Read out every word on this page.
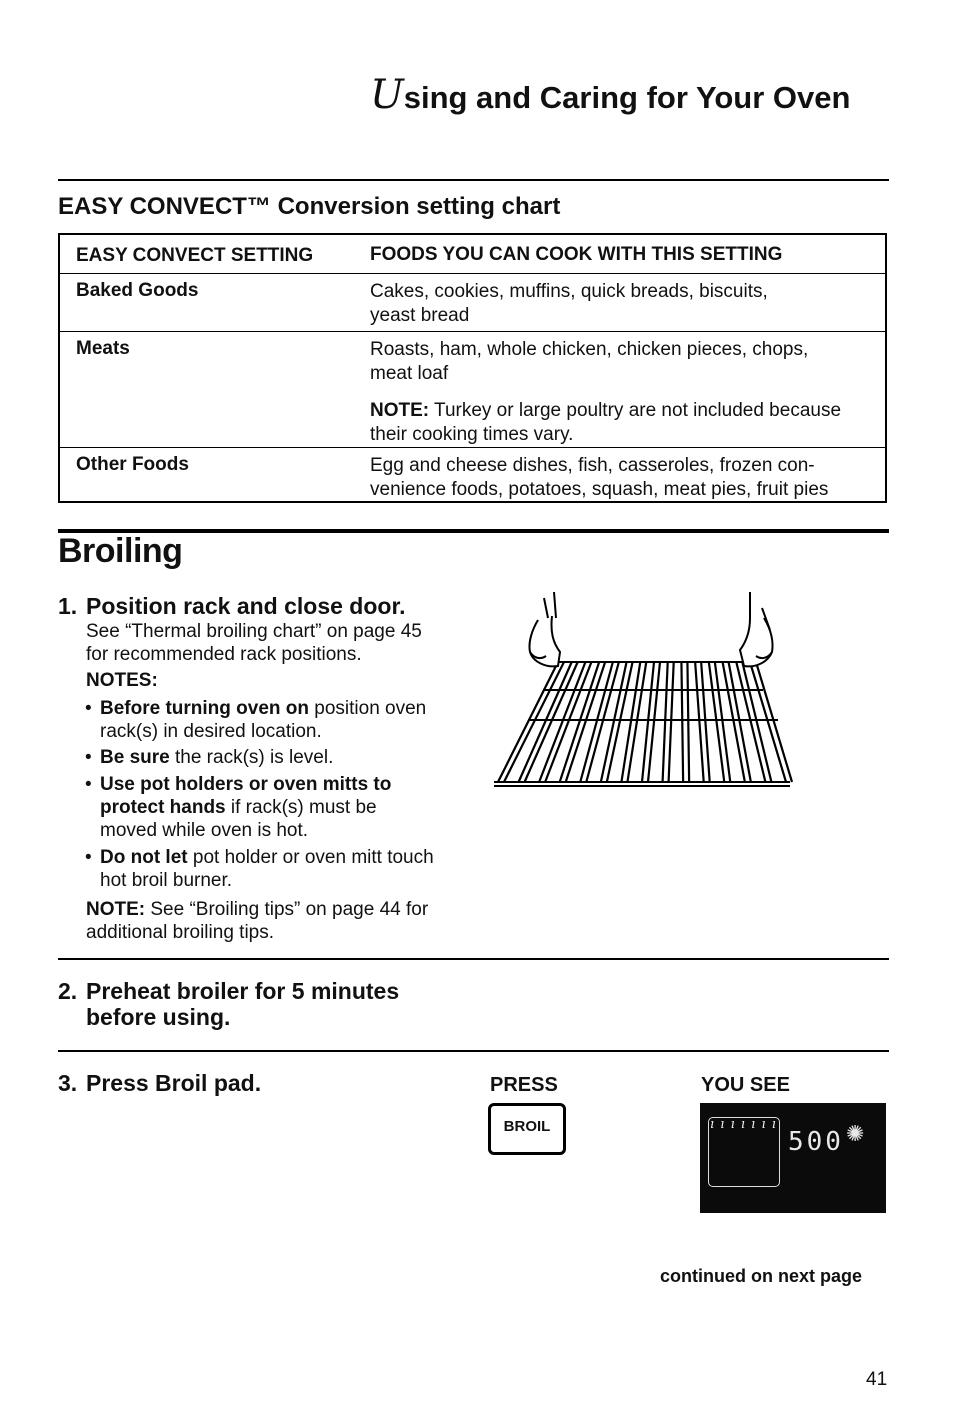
Using and Caring for Your Oven
EASY CONVECT™ Conversion setting chart
EASY CONVECT SETTING	FOODS YOU CAN COOK WITH THIS SETTING
Baked Goods	Cakes, cookies, muffins, quick breads, biscuits,
yeast bread
Meats	Roasts, ham, whole chicken, chicken pieces, chops,
meat loaf
NOTE: Turkey or large poultry are not included because
their cooking times vary.
Other Foods	Egg and cheese dishes, fish, casseroles, frozen con-
venience foods, potatoes, squash, meat pies, fruit pies
Broiling
1. Position rack and close door.
See “Thermal broiling chart” on page 45
for recommended rack positions.
NOTES:
• Before turning oven on position oven
rack(s) in desired location.
• Be sure the rack(s) is level.
• Use pot holders or oven mitts to
protect hands if rack(s) must be
moved while oven is hot.
• Do not let pot holder or oven mitt touch
hot broil burner.
NOTE: See “Broiling tips” on page 44 for
additional broiling tips.
2. Preheat broiler for 5 minutes
before using.
3. Press Broil pad.	PRESS
BROIL
YOU SEE
ı ı ı ı ı ı ı
500 ✺
continued on next page
41
